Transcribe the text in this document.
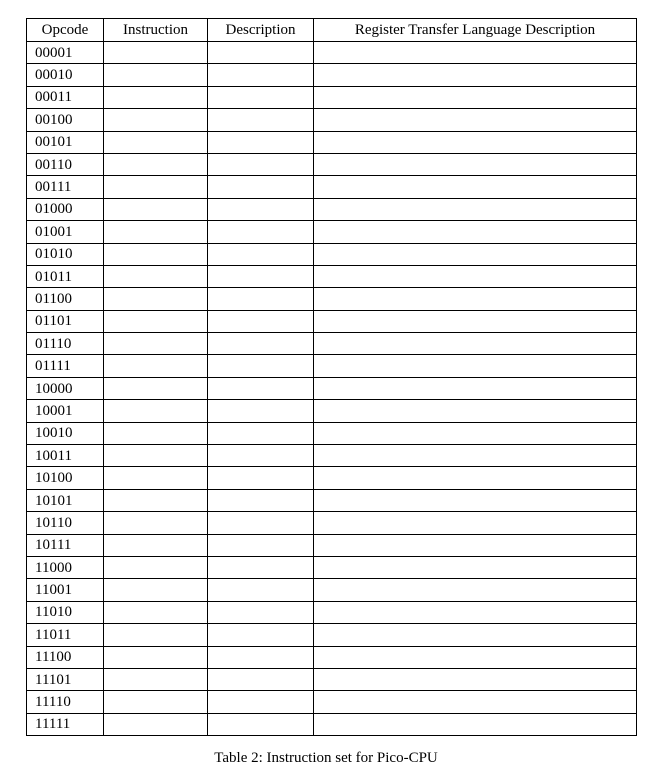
Opcode	Instruction	Description	Register Transfer Language Description
00001			
00010			
00011			
00100			
00101			
00110			
00111			
01000			
01001			
01010			
01011			
01100			
01101			
01110			
01111			
10000			
10001			
10010			
10011			
10100			
10101			
10110			
10111			
11000			
11001			
11010			
11011			
11100			
11101			
11110			
11111			
Table 2: Instruction set for Pico-CPU
